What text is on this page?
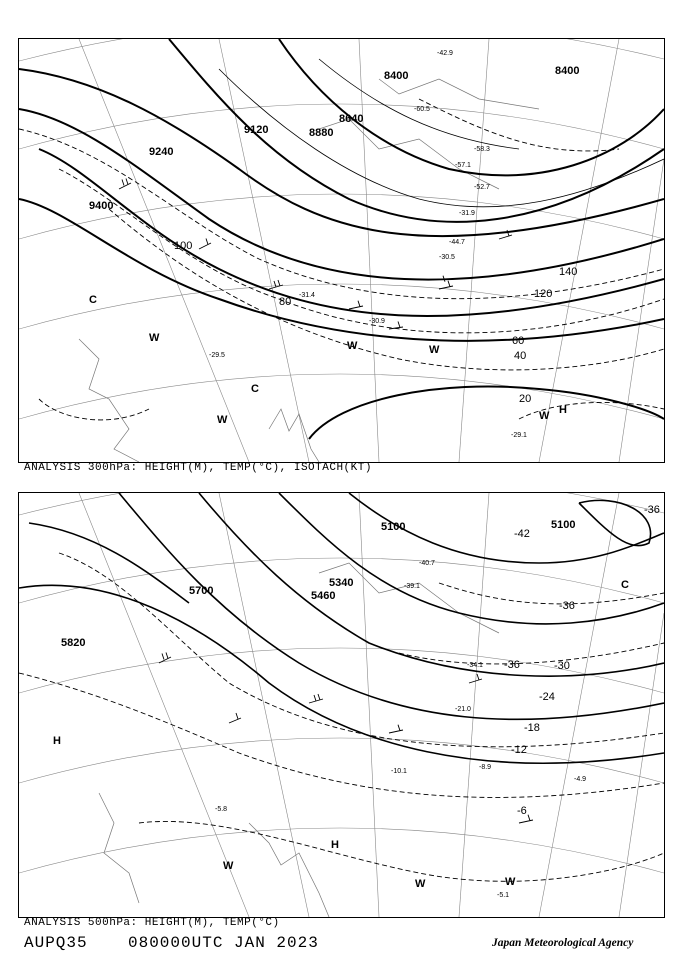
8400	8400
8640
8880
9120
9240
9400
20
40
60
80
100
120
140
-30.9
-31.4
-29.5
-30.5
-31.9
-29.1
-57.1
-58.3
-52.7
-44.7
-42.9
-60.5
H
C
C
W
W	W
W	W
ANALYSIS 300hPa: HEIGHT(M), TEMP(°C), ISOTACH(KT)
5100	5100
5340
5460
5700
5820
-36
-36
-30
-24
-18
-12
-6
-42
-36
-40.7
-39.1
-34.1
-21.0
-10.1
-8.9
-4.9
-5.1
-5.8
H
H
W
W	W
C
ANALYSIS 500hPa: HEIGHT(M), TEMP(°C)
AUPQ35	080000UTC JAN 2023	Japan Meteorological Agency
